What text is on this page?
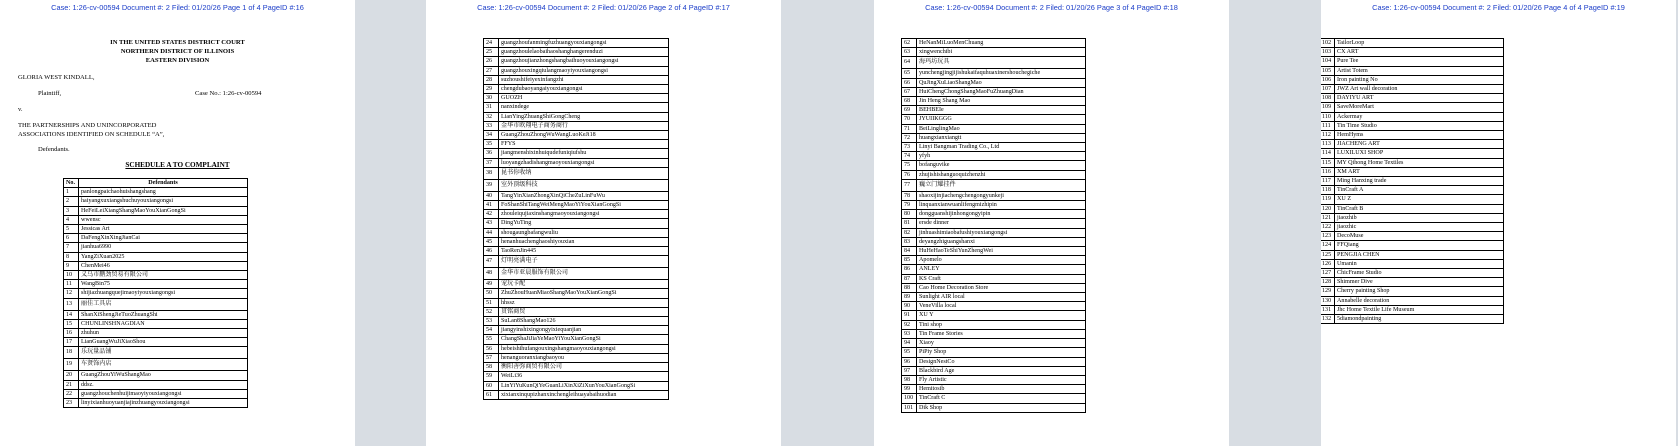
Case: 1:26-cv-00594 Document #: 2 Filed: 01/20/26 Page 1 of 4 PageID #:16
IN THE UNITED STATES DISTRICT COURT
NORTHERN DISTRICT OF ILLINOIS
EASTERN DIVISION
GLORIA WEST KINDALL,
Plaintiff,	Case No.: 1:26-cv-00594
v.
THE PARTNERSHIPS AND UNINCORPORATED
ASSOCIATIONS IDENTIFIED ON SCHEDULE “A”,
Defendants.
SCHEDULE A TO COMPLAINT
No.	Defendants
1	panlongpaichaohuishangshang
2	haiyangxuxiangshuchuyouxiangongsi
3	HeFeiLeiXiangShangMaoYouXianGongSi
4	wwensc
5	Jessicas Art
6	DaFengXinXingJianCai
7	jianhua6990
8	YangZiXuan2025
9	ChenMei46
10	义乌市鹏劲贸易有限公司
11	WangBin75
12	shijiazhuangquejimaoyiyouxiangongsi
13	丽佳工具店
14	ShanXiShengJieTuoZhuangShi
15	CHUNLINSHNAGDIAN
16	zhuhun
17	LianGuangWuJiXiaoShou
18	乐玩量品铺
19	车贤饰内店
20	GuangZhouYiWuShangMao
21	ddsz.
22	guangzhouchenhuijimaoyiyouxiangongsi
23	linyixianhuoyuanjiajinzhuangyouxiangongsi
Case: 1:26-cv-00594 Document #: 2 Filed: 01/20/26 Page 2 of 4 PageID #:17
24	guangzhoufanmingfuzhuangyouxiangongsi
25	guangzhoulelaobaihaoshanghangerenduzi
26	guangzhoujianzhongshangbaihuoyouxiangongsi
27	guangzhouxingqiulangmaoyiyouxiangongsi
28	suzhoushifeiyexinfangzhi
29	chengdubaoyangaiyouxiangongsi
30	GUOZH
31	nanxindege
32	LianYingZhuangShiGongCheng
33	金华市欧翔电子商务商行
34	GuangZhouZhongWuWangLuoKeJi18
35	FFYS
36	jiangmenshixinhuiqudefuniqiufshu
37	luoyangzhadishangmaoyouxiangongsi
38	昆书你收纳
39	室外顶级科技
40	TangYinXianZhongXinQiCheZuLinFuWu
41	FoShanShiTangWeiMengMaoYiYouXianGongSi
42	zhouleiqujiaxinshangmaoyouxiangongsi
43	DingYuTing
44	shougaungbafangwuliu
45	henanhuachenghaoshiyouxian
46	TaoRenJin445
47	灯明亮满电子
48	金华市亚晨服饰有限公司
49	宠玩卡配
50	ZhuZhouHuanMiaoShangMaoYouXianGongSi
51	hhssz
52	贯铭商贸
53	SuLan8ShangMao126
54	jiangyinshixingongyixiequanjian
55	ChangShaJiJiaYeMaoYiYouXianGongSi
56	hebeishihufangouxingshangmaoyouxiangongsi
57	henanguoranxiangbaoyou
58	衡阳善弥商贸有限公司
59	WeiLi36
60	LinYiYuKunQiYeGuanLiXinXiZiXunYouXianGongSi
61	xixianxinqupizhanxinchengleihuayabaihuodian
Case: 1:26-cv-00594 Document #: 2 Filed: 01/20/26 Page 3 of 4 PageID #:18
62	HeNanMiLuoMenChuang
63	xingwenchibi
64	海玛坊玩具
65	yunchengjingjijishukaifaquhuaxinershouchegiche
66	QuJingXuLiaoShangMao
67	HuiChengChongShangMaoFuZhuangDian
68	Jin Heng Shang Mao
69	BEHBEIe
70	JYUIIKGGG
71	BeiLinglingMao
72	huangxianxiangtt
73	Linyi Bangman Trading Co., Ltd
74	yfyh
75	bofanguvike
76	zhujishishanguoquizhenzhi
77	巍立门耀挂件
78	shaoxijinjiachengchengongyunkeji
79	linquanxianwuanlifengmizhipin
80	dongguanshijinhongongyipin
81	ersde dinner
82	jinhuashimiaobafushiyouxiangongsi
83	deyangzhiguangshanxi
84	HuHeHaoTeShiYunZhengWei
85	Apomelo
86	ANLEY
87	KS Craft
88	Cao Home Decoration Store
89	Sunlight AIR local
90	VeneVilla local
91	XU Y
92	Tini shop
93	Tin Frame Stories
94	Xiaoy
95	PiPiy Shop
96	DesignNestCo
97	Blackbird Age
98	Fly Artistic
99	Hemitosib
100	TinCraft C
101	Dik Shop
Case: 1:26-cv-00594 Document #: 2 Filed: 01/20/26 Page 4 of 4 PageID #:19
102	TailorLoop
103	CX ART
104	Pure Tee
105	Artist Totem
106	Iron painting No
107	JWZ Art wall decoration
108	DAYIYU ART
109	SaveMoreMart
110	Ackermay
111	Tin Time Studio
112	HemHyms
113	JIACHENG ART
114	LUXILUXI SHOP
115	MY Qihong Home Textiles
116	XM ART
117	Ming Hanxing trade
118	TinCraft A
119	XU Z
120	TinCraft B
121	jiaozhib
122	jiaozhic
123	DecoMuse
124	FFQiang
125	PENGJIA CHEN
126	Umanin
127	ChicFrame Studio
128	Shimmer Dive
129	Cherry painting Shop
130	Annabelle decoration
131	Jhc Home Textile Life Museum
132	5diamondpainting
